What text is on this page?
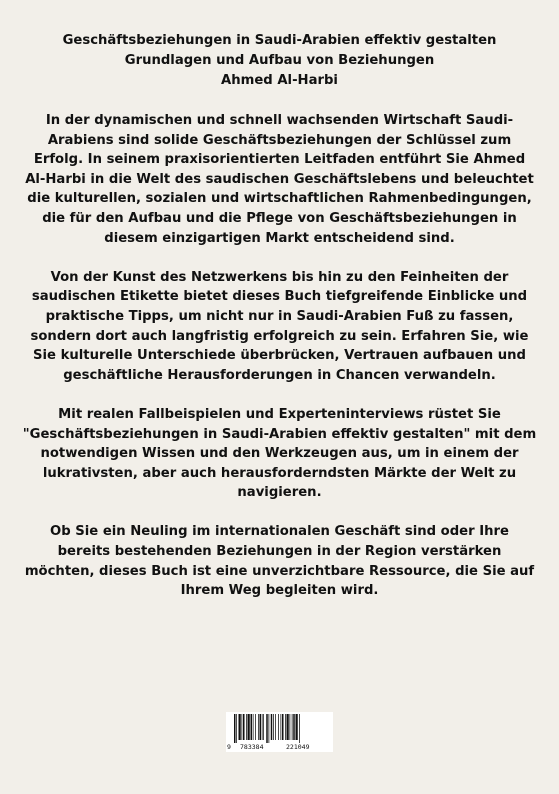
Geschäftsbeziehungen in Saudi-Arabien effektiv gestalten
Grundlagen und Aufbau von Beziehungen
Ahmed Al-Harbi

In der dynamischen und schnell wachsenden Wirtschaft Saudi-Arabiens sind solide Geschäftsbeziehungen der Schlüssel zum Erfolg. In seinem praxisorientierten Leitfaden entführt Sie Ahmed Al-Harbi in die Welt des saudischen Geschäftslebens und beleuchtet die kulturellen, sozialen und wirtschaftlichen Rahmenbedingungen, die für den Aufbau und die Pflege von Geschäftsbeziehungen in diesem einzigartigen Markt entscheidend sind.

Von der Kunst des Netzwerkens bis hin zu den Feinheiten der saudischen Etikette bietet dieses Buch tiefgreifende Einblicke und praktische Tipps, um nicht nur in Saudi-Arabien Fuß zu fassen, sondern dort auch langfristig erfolgreich zu sein. Erfahren Sie, wie Sie kulturelle Unterschiede überbrücken, Vertrauen aufbauen und geschäftliche Herausforderungen in Chancen verwandeln.

Mit realen Fallbeispielen und Experteninterviews rüstet Sie "Geschäftsbeziehungen in Saudi-Arabien effektiv gestalten" mit dem notwendigen Wissen und den Werkzeugen aus, um in einem der lukrativsten, aber auch herausforderndsten Märkte der Welt zu navigieren.

Ob Sie ein Neuling im internationalen Geschäft sind oder Ihre bereits bestehenden Beziehungen in der Region verstärken möchten, dieses Buch ist eine unverzichtbare Ressource, die Sie auf Ihrem Weg begleiten wird.

9 783384	221049
